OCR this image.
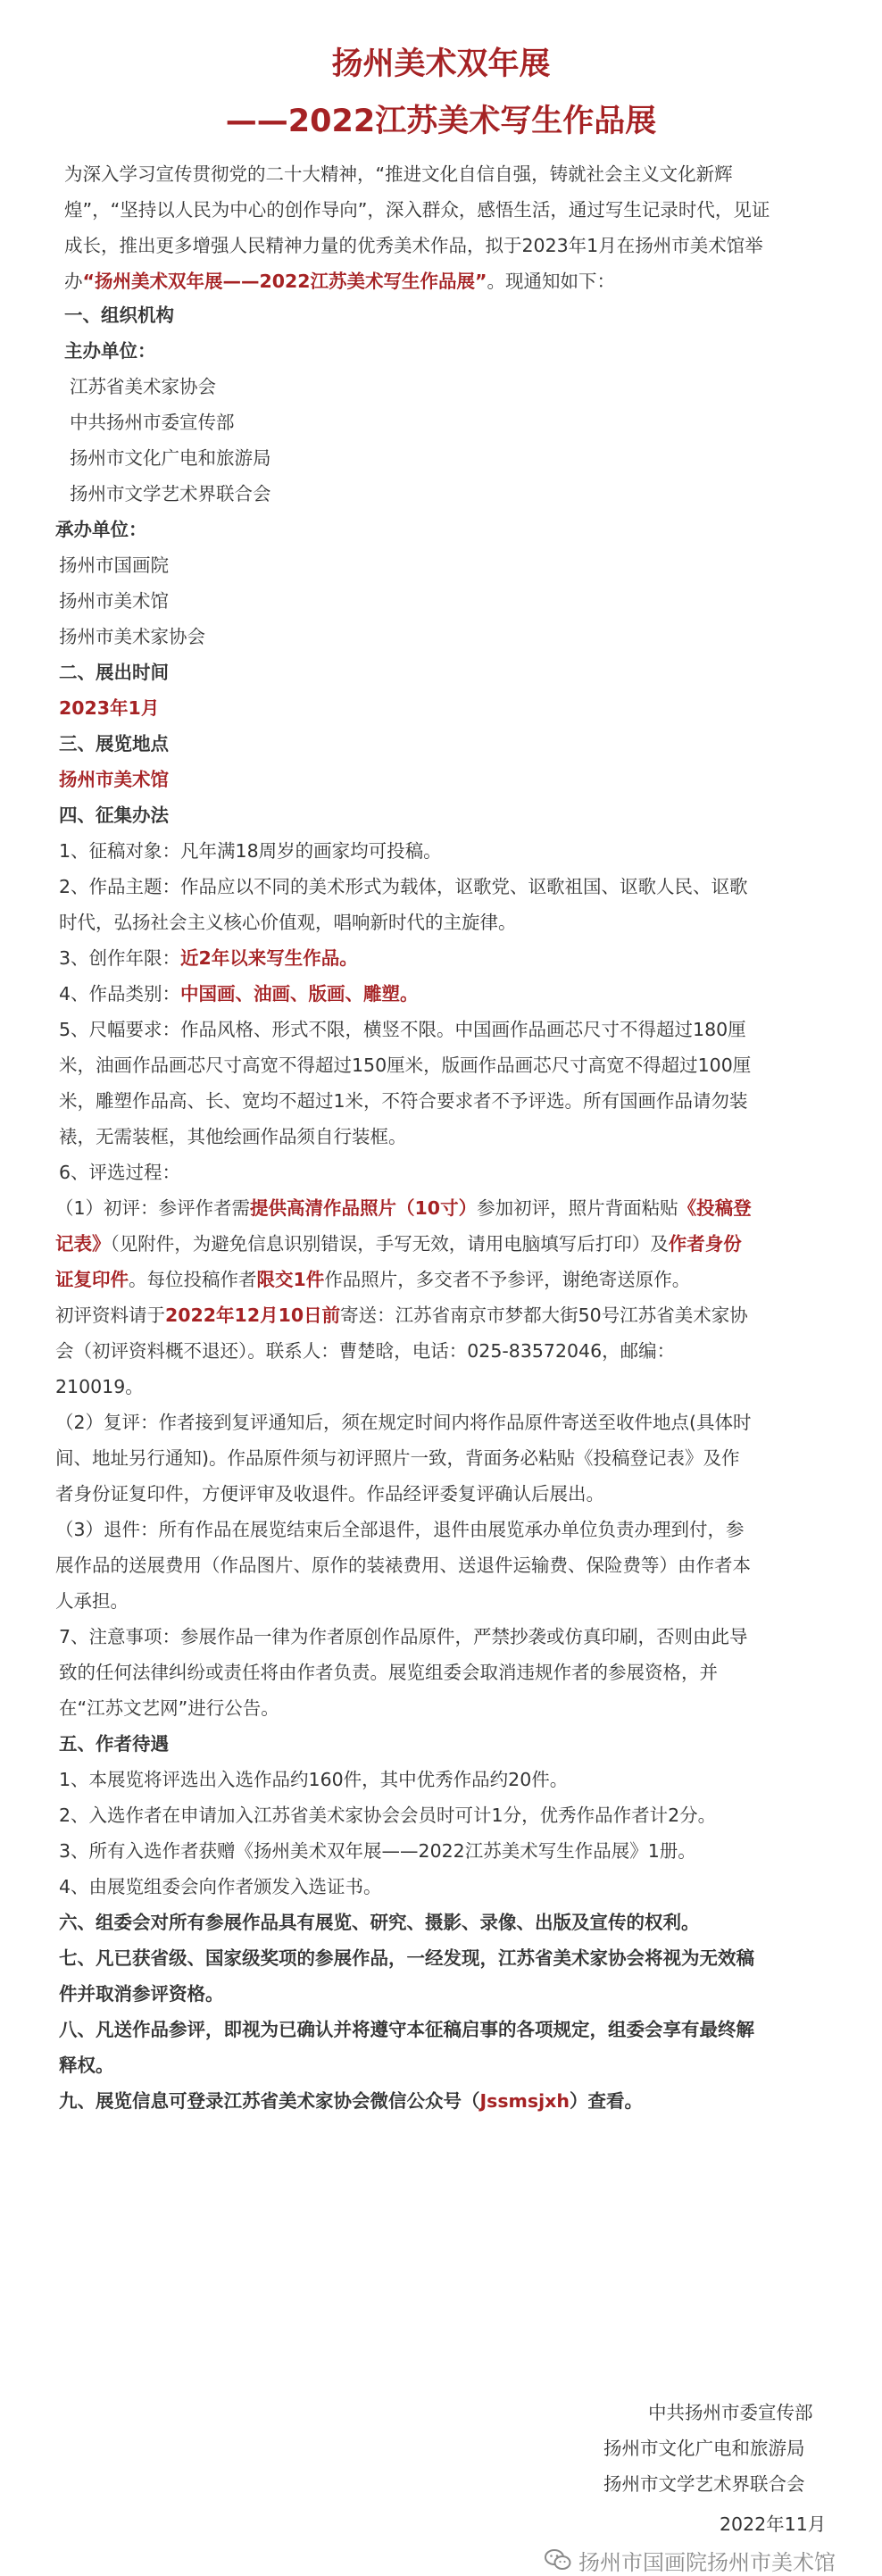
扬州美术双年展
——2022江苏美术写生作品展

为深入学习宣传贯彻党的二十大精神，“推进文化自信自强，铸就社会主义文化新辉

煌”，“坚持以人民为中心的创作导向”，深入群众，感悟生活，通过写生记录时代，见证

成长，推出更多增强人民精神力量的优秀美术作品，拟于2023年1月在扬州市美术馆举

办“扬州美术双年展——2022江苏美术写生作品展”。现通知如下：

一、组织机构

主办单位：

江苏省美术家协会

中共扬州市委宣传部

扬州市文化广电和旅游局

扬州市文学艺术界联合会

承办单位：

扬州市国画院

扬州市美术馆

扬州市美术家协会

二、展出时间

2023年1月

三、展览地点

扬州市美术馆

四、征集办法

1、征稿对象：凡年满18周岁的画家均可投稿。

2、作品主题：作品应以不同的美术形式为载体，讴歌党、讴歌祖国、讴歌人民、讴歌

时代，弘扬社会主义核心价值观，唱响新时代的主旋律。

3、创作年限：近2年以来写生作品。

4、作品类别：中国画、油画、版画、雕塑。

5、尺幅要求：作品风格、形式不限，横竖不限。中国画作品画芯尺寸不得超过180厘

米，油画作品画芯尺寸高宽不得超过150厘米，版画作品画芯尺寸高宽不得超过100厘

米，雕塑作品高、长、宽均不超过1米，不符合要求者不予评选。所有国画作品请勿装

裱，无需装框，其他绘画作品须自行装框。

6、评选过程：

（1）初评：参评作者需提供高清作品照片（10寸）参加初评，照片背面粘贴《投稿登

记表》（见附件，为避免信息识别错误，手写无效，请用电脑填写后打印）及作者身份

证复印件。每位投稿作者限交1件作品照片，多交者不予参评，谢绝寄送原作。

初评资料请于2022年12月10日前寄送：江苏省南京市梦都大街50号江苏省美术家协

会（初评资料概不退还）。联系人：曹楚晗，电话：025-83572046，邮编：

210019。

（2）复评：作者接到复评通知后，须在规定时间内将作品原件寄送至收件地点(具体时

间、地址另行通知)。作品原件须与初评照片一致，背面务必粘贴《投稿登记表》及作

者身份证复印件，方便评审及收退件。作品经评委复评确认后展出。

（3）退件：所有作品在展览结束后全部退件，退件由展览承办单位负责办理到付，参

展作品的送展费用（作品图片、原作的装裱费用、送退件运输费、保险费等）由作者本

人承担。

7、注意事项：参展作品一律为作者原创作品原件，严禁抄袭或仿真印刷，否则由此导

致的任何法律纠纷或责任将由作者负责。展览组委会取消违规作者的参展资格，并

在“江苏文艺网”进行公告。

五、作者待遇

1、本展览将评选出入选作品约160件，其中优秀作品约20件。

2、入选作者在申请加入江苏省美术家协会会员时可计1分，优秀作品作者计2分。

3、所有入选作者获赠《扬州美术双年展——2022江苏美术写生作品展》1册。

4、由展览组委会向作者颁发入选证书。

六、组委会对所有参展作品具有展览、研究、摄影、录像、出版及宣传的权利。

七、凡已获省级、国家级奖项的参展作品，一经发现，江苏省美术家协会将视为无效稿

件并取消参评资格。

八、凡送作品参评，即视为已确认并将遵守本征稿启事的各项规定，组委会享有最终解

释权。

九、展览信息可登录江苏省美术家协会微信公众号（Jssmsjxh）查看。

中共扬州市委宣传部

扬州市文化广电和旅游局

扬州市文学艺术界联合会

2022年11月

扬州市国画院扬州市美术馆
